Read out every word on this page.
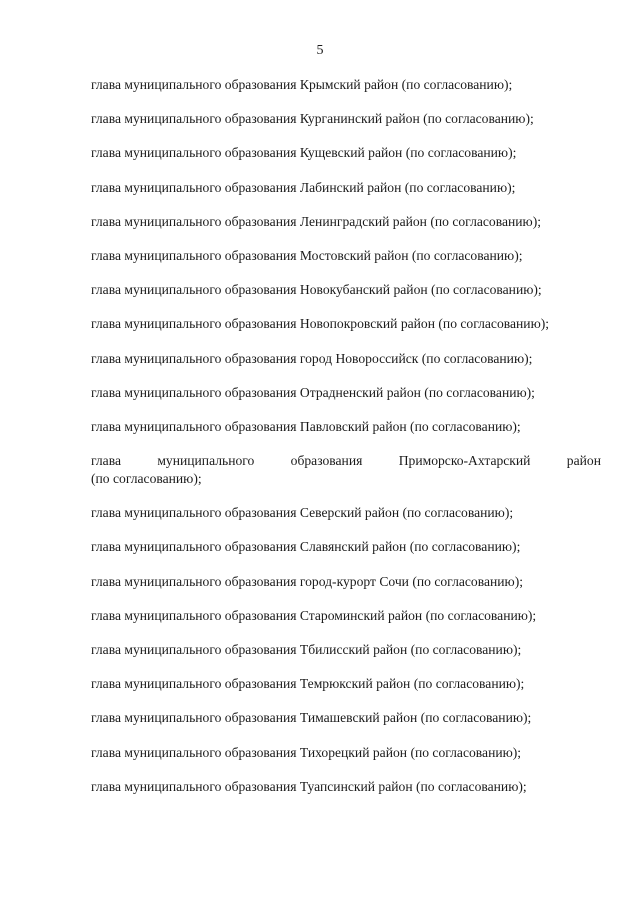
5
глава муниципального образования Крымский район (по согласованию);
глава муниципального образования Курганинский район (по согласованию);
глава муниципального образования Кущевский район (по согласованию);
глава муниципального образования Лабинский район (по согласованию);
глава муниципального образования Ленинградский район (по согласованию);
глава муниципального образования Мостовский район (по согласованию);
глава муниципального образования Новокубанский район (по согласованию);
глава муниципального образования Новопокровский район (по согласованию);
глава муниципального образования город Новороссийск (по согласованию);
глава муниципального образования Отрадненский район (по согласованию);
глава муниципального образования Павловский район (по согласованию);
глава	муниципального	образования	Приморско-Ахтарский	район
(по согласованию);
глава муниципального образования Северский район (по согласованию);
глава муниципального образования Славянский район (по согласованию);
глава муниципального образования город-курорт Сочи (по согласованию);
глава муниципального образования Староминский район (по согласованию);
глава муниципального образования Тбилисский район (по согласованию);
глава муниципального образования Темрюкский район (по согласованию);
глава муниципального образования Тимашевский район (по согласованию);
глава муниципального образования Тихорецкий район (по согласованию);
глава муниципального образования Туапсинский район (по согласованию);
